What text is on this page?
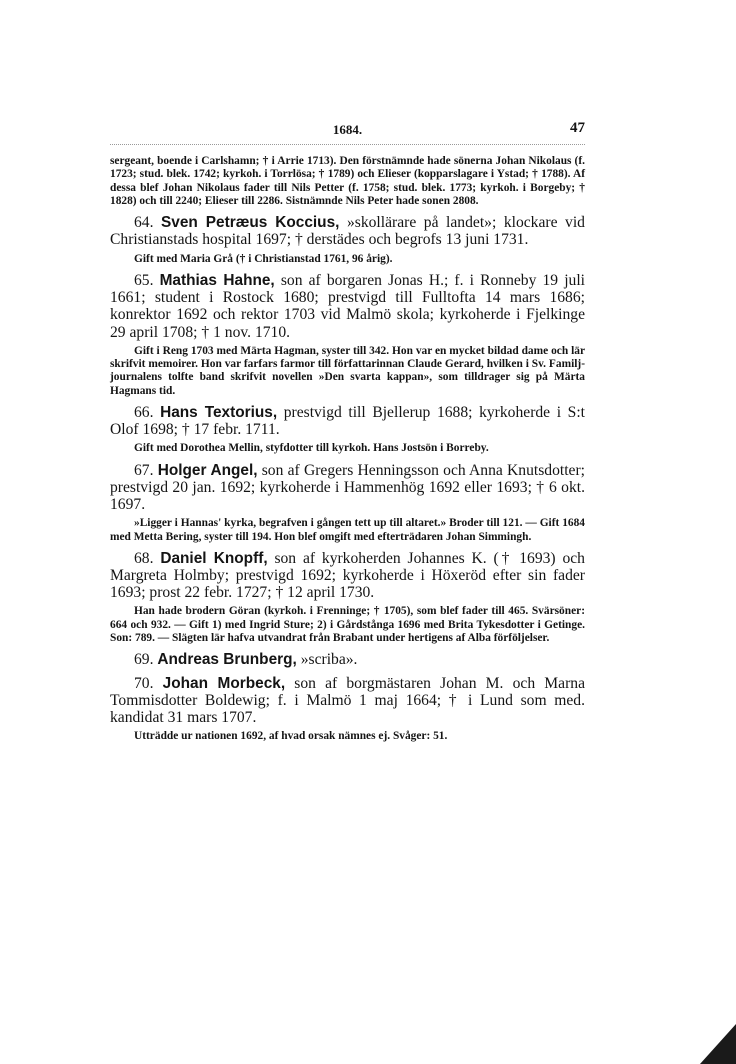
1684.	47

sergeant, boende i Carlshamn; † i Arrie 1713). Den förstnämnde hade sönerna Johan Nikolaus (f. 1723; stud. blek. 1742; kyrkoh. i Torrlösa; † 1789) och Elieser (kopparslagare i Ystad; † 1788). Af dessa blef Johan Nikolaus fader till Nils Petter (f. 1758; stud. blek. 1773; kyrkoh. i Borgeby; † 1828) och till 2240; Elieser till 2286. Sistnämnde Nils Peter hade sonen 2808.

64. Sven Petræus Koccius, »skollärare på landet»; klockare vid Christianstads hospital 1697; † derstädes och begrofs 13 juni 1731.
Gift med Maria Grå († i Christianstad 1761, 96 årig).
65. Mathias Hahne, son af borgaren Jonas H.; f. i Ronneby 19 juli 1661; student i Rostock 1680; prestvigd till Fulltofta 14 mars 1686; konrektor 1692 och rektor 1703 vid Malmö skola; kyrkoherde i Fjelkinge 29 april 1708; † 1 nov. 1710.
Gift i Reng 1703 med Märta Hagman, syster till 342. Hon var en mycket bildad dame och lär skrifvit memoirer. Hon var farfars farmor till författarinnan Claude Gerard, hvilken i Sv. Familj-journalens tolfte band skrifvit novellen »Den svarta kappan», som tilldrager sig på Märta Hagmans tid.
66. Hans Textorius, prestvigd till Bjellerup 1688; kyrkoherde i S:t Olof 1698; † 17 febr. 1711.
Gift med Dorothea Mellin, styfdotter till kyrkoh. Hans Jostsön i Borreby.
67. Holger Angel, son af Gregers Henningsson och Anna Knutsdotter; prestvigd 20 jan. 1692; kyrkoherde i Hammenhög 1692 eller 1693; † 6 okt. 1697.
»Ligger i Hannas' kyrka, begrafven i gången tett up till altaret.» Broder till 121. — Gift 1684 med Metta Bering, syster till 194. Hon blef omgift med efterträdaren Johan Simmingh.
68. Daniel Knopff, son af kyrkoherden Johannes K. († 1693) och Margreta Holmby; prestvigd 1692; kyrkoherde i Höxeröd efter sin fader 1693; prost 22 febr. 1727; † 12 april 1730.
Han hade brodern Göran (kyrkoh. i Frenninge; † 1705), som blef fader till 465. Svärsöner: 664 och 932. — Gift 1) med Ingrid Sture; 2) i Gårdstånga 1696 med Brita Tykesdotter i Getinge. Son: 789. — Slägten lär hafva utvandrat från Brabant under hertigens af Alba förföljelser.
69. Andreas Brunberg, »scriba».
70. Johan Morbeck, son af borgmästaren Johan M. och Marna Tommisdotter Boldewig; f. i Malmö 1 maj 1664; † i Lund som med. kandidat 31 mars 1707.
Utträdde ur nationen 1692, af hvad orsak nämnes ej. Svåger: 51.
